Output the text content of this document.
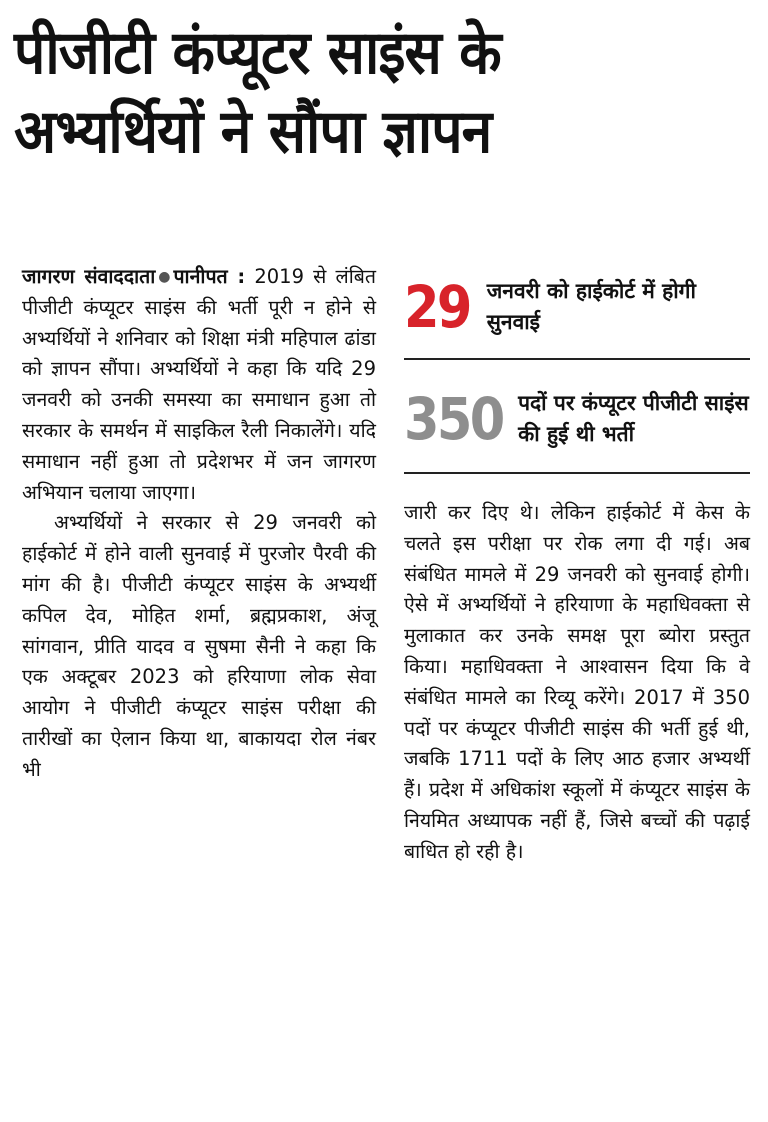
पीजीटी कंप्यूटर साइंस के
अभ्यर्थियों ने सौंपा ज्ञापन

जागरण संवाददाता●पानीपत : 2019 से लंबित पीजीटी कंप्यूटर साइंस की भर्ती पूरी न होने से अभ्यर्थियों ने शनिवार को शिक्षा मंत्री महिपाल ढांडा को ज्ञापन सौंपा। अभ्यर्थियों ने कहा कि यदि 29 जनवरी को उनकी समस्या का समाधान हुआ तो सरकार के समर्थन में साइकिल रैली निकालेंगे। यदि समाधान नहीं हुआ तो प्रदेशभर में जन जागरण अभियान चलाया जाएगा।

अभ्यर्थियों ने सरकार से 29 जनवरी को हाईकोर्ट में होने वाली सुनवाई में पुरजोर पैरवी की मांग की है। पीजीटी कंप्यूटर साइंस के अभ्यर्थी कपिल देव, मोहित शर्मा, ब्रह्मप्रकाश, अंजू सांगवान, प्रीति यादव व सुषमा सैनी ने कहा कि एक अक्टूबर 2023 को हरियाणा लोक सेवा आयोग ने पीजीटी कंप्यूटर साइंस परीक्षा की तारीखों का ऐलान किया था, बाकायदा रोल नंबर भी

29 जनवरी को हाईकोर्ट में होगी सुनवाई
350 पदों पर कंप्यूटर पीजीटी साइंस की हुई थी भर्ती

जारी कर दिए थे। लेकिन हाईकोर्ट में केस के चलते इस परीक्षा पर रोक लगा दी गई। अब संबंधित मामले में 29 जनवरी को सुनवाई होगी। ऐसे में अभ्यर्थियों ने हरियाणा के महाधिवक्ता से मुलाकात कर उनके समक्ष पूरा ब्योरा प्रस्तुत किया। महाधिवक्ता ने आश्वासन दिया कि वे संबंधित मामले का रिव्यू करेंगे। 2017 में 350 पदों पर कंप्यूटर पीजीटी साइंस की भर्ती हुई थी, जबकि 1711 पदों के लिए आठ हजार अभ्यर्थी हैं। प्रदेश में अधिकांश स्कूलों में कंप्यूटर साइंस के नियमित अध्यापक नहीं हैं, जिसे बच्चों की पढ़ाई बाधित हो रही है।
